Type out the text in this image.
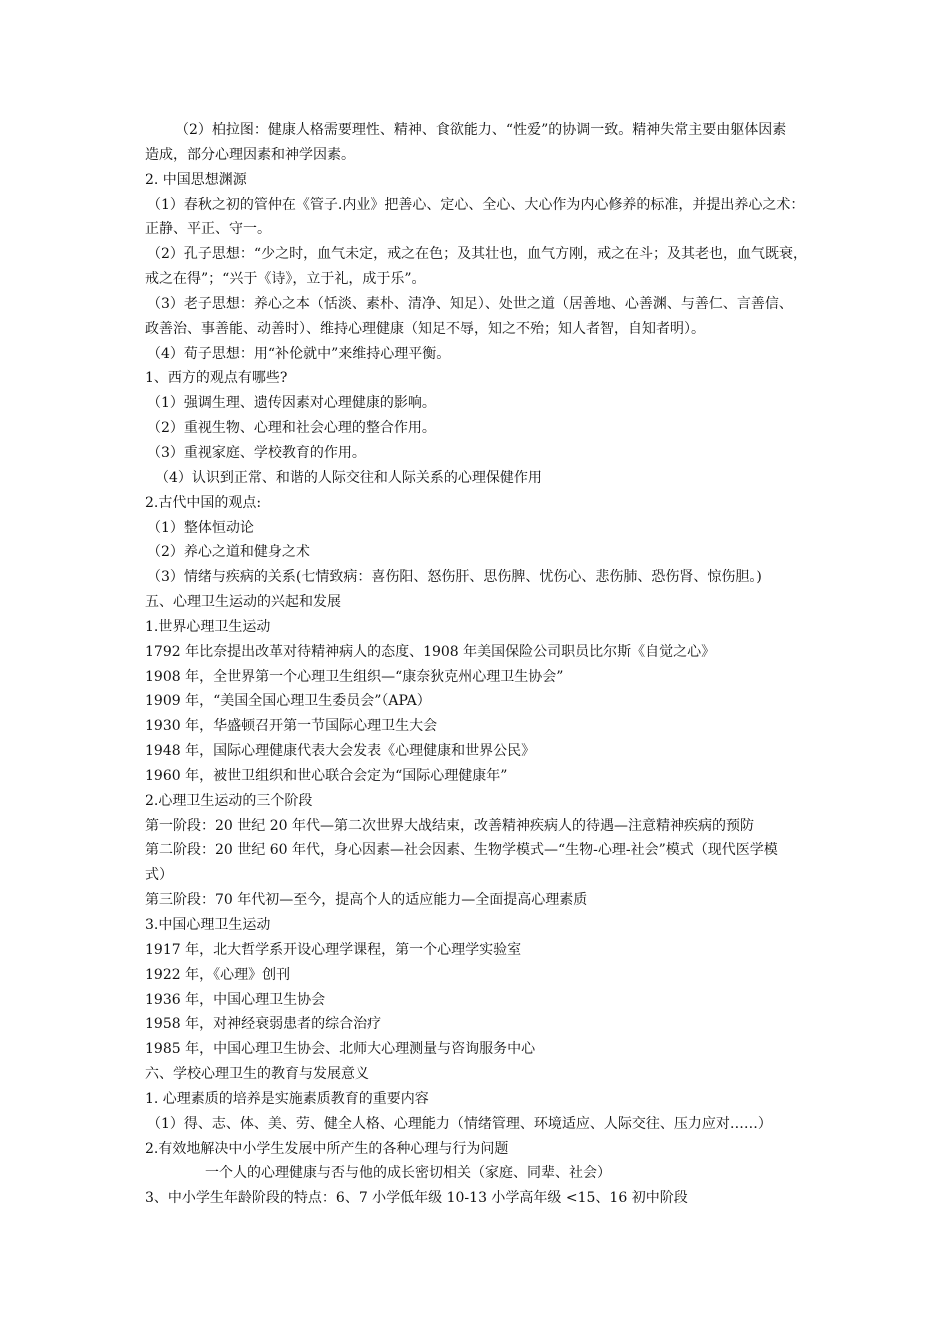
（2）柏拉图：健康人格需要理性、精神、食欲能力、“性爱”的协调一致。精神失常主要由躯体因素
造成，部分心理因素和神学因素。
2. 中国思想渊源
（1）春秋之初的管仲在《管子.内业》把善心、定心、全心、大心作为内心修养的标准，并提出养心之术：
正静、平正、守一。
（2）孔子思想：“少之时，血气未定，戒之在色；及其壮也，血气方刚，戒之在斗；及其老也，血气既衰，
戒之在得”；“兴于《诗》，立于礼，成于乐”。
（3）老子思想：养心之本（恬淡、素朴、清净、知足）、处世之道（居善地、心善渊、与善仁、言善信、
政善治、事善能、动善时）、维持心理健康（知足不辱，知之不殆；知人者智，自知者明）。
（4）荀子思想：用“补伦就中”来维持心理平衡。
1、西方的观点有哪些?
（1）强调生理、遗传因素对心理健康的影响。
（2）重视生物、心理和社会心理的整合作用。
（3）重视家庭、学校教育的作用。
（4）认识到正常、和谐的人际交往和人际关系的心理保健作用
2.古代中国的观点:
（1）整体恒动论
（2）养心之道和健身之术
（3）情绪与疾病的关系(七情致病：喜伤阳、怒伤肝、思伤脾、忧伤心、悲伤肺、恐伤肾、惊伤胆。)
五、心理卫生运动的兴起和发展
1.世界心理卫生运动
1792 年比奈提出改革对待精神病人的态度、1908 年美国保险公司职员比尔斯《自觉之心》
1908 年，全世界第一个心理卫生组织—“康奈狄克州心理卫生协会”
1909 年，“美国全国心理卫生委员会”（APA）
1930 年，华盛顿召开第一节国际心理卫生大会
1948 年，国际心理健康代表大会发表《心理健康和世界公民》
1960 年，被世卫组织和世心联合会定为“国际心理健康年”
2.心理卫生运动的三个阶段
第一阶段：20 世纪 20 年代—第二次世界大战结束，改善精神疾病人的待遇—注意精神疾病的预防
第二阶段：20 世纪 60 年代，身心因素—社会因素、生物学模式—“生物-心理-社会”模式（现代医学模
式）
第三阶段：70 年代初—至今，提高个人的适应能力—全面提高心理素质
3.中国心理卫生运动
1917 年，北大哲学系开设心理学课程，第一个心理学实验室
1922 年，《心理》创刊
1936 年，中国心理卫生协会
1958 年，对神经衰弱患者的综合治疗
1985 年，中国心理卫生协会、北师大心理测量与咨询服务中心
六、学校心理卫生的教育与发展意义
1. 心理素质的培养是实施素质教育的重要内容
（1）得、志、体、美、劳、健全人格、心理能力（情绪管理、环境适应、人际交往、压力应对……）
2.有效地解决中小学生发展中所产生的各种心理与行为问题
一个人的心理健康与否与他的成长密切相关（家庭、同辈、社会）
3、中小学生年龄阶段的特点：6、7 小学低年级 10-13 小学高年级 <15、16 初中阶段
